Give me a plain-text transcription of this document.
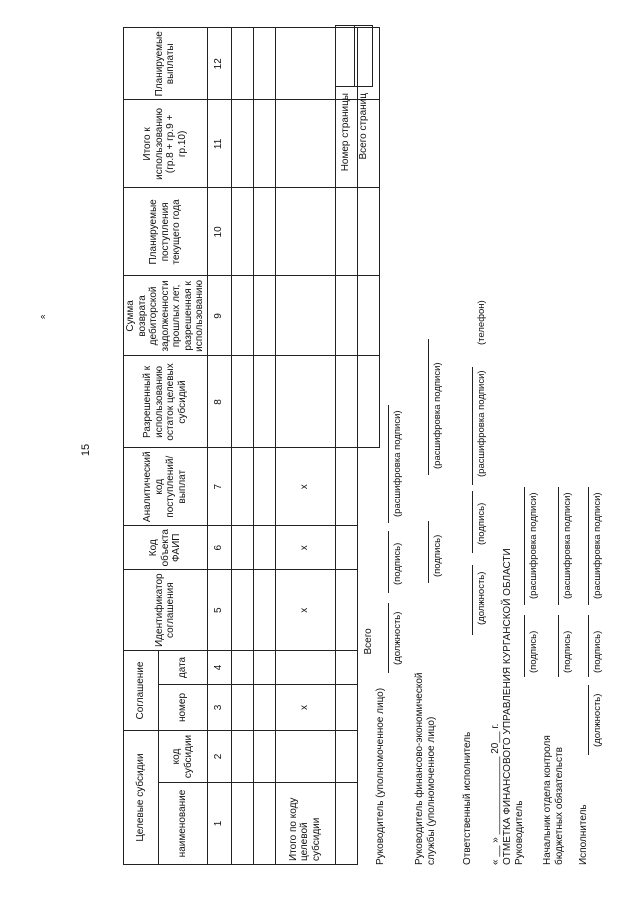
15
»
Целевые субсидии		Соглашение		Идентификатор соглашения	Код объекта ФАИП	Аналитический код поступлений/выплат	Разрешенный к использованию остаток целевых субсидий	Сумма возврата дебиторской задолженности прошлых лет, разрешенная к использованию	Планируемые поступления текущего года	Итого к использованию (гр.8 + гр.9 + гр.10)	Планируемые выплаты
наименование	код субсидии	номер	дата								
1	2	3	4	5	6	7	8	9	10	11	12

Итого по коду целевой субсидии		x		x	x	x					

			Всего								
Номер страницы Всего страниц
Руководитель (уполномоченное лицо)
(должность)
(подпись)
(расшифровка подписи)
Руководитель финансово-экономической службы (уполномоченное лицо)
(подпись)
(расшифровка подписи)
Ответственный исполнитель
(должность)
(подпись)
(расшифровка подписи)
(телефон)
« __ » ______________ 20__ г. ОТМЕТКА ФИНАНСОВОГО УПРАВЛЕНИЯ КУРГАНСКОЙ ОБЛАСТИ Руководитель
(подпись)
(расшифровка подписи)
Начальник отдела контроля бюджетных обязательств
(подпись)
(расшифровка подписи)
Исполнитель
(должность)
(подпись)
(расшифровка подписи)
